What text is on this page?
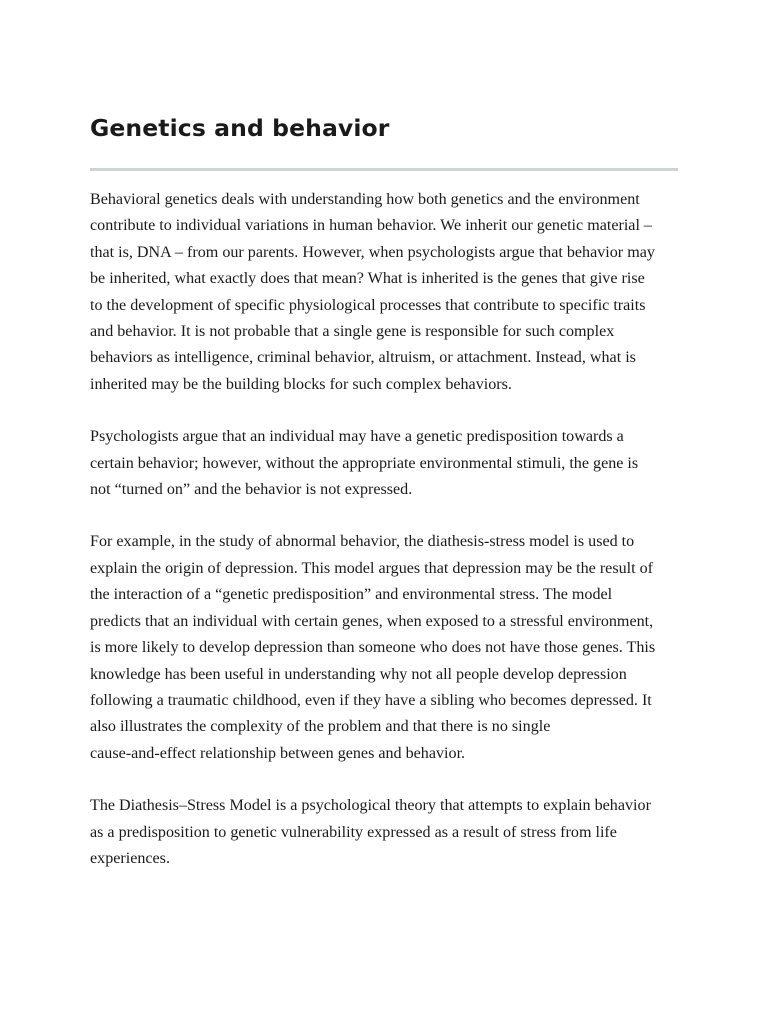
Genetics and behavior

Behavioral genetics deals with understanding how both genetics and the environment
contribute to individual variations in human behavior. We inherit our genetic material –
that is, DNA – from our parents. However, when psychologists argue that behavior may
be inherited, what exactly does that mean? What is inherited is the genes that give rise
to the development of specific physiological processes that contribute to specific traits
and behavior. It is not probable that a single gene is responsible for such complex
behaviors as intelligence, criminal behavior, altruism, or attachment. Instead, what is
inherited may be the building blocks for such complex behaviors.

Psychologists argue that an individual may have a genetic predisposition towards a
certain behavior; however, without the appropriate environmental stimuli, the gene is
not “turned on” and the behavior is not expressed.

For example, in the study of abnormal behavior, the diathesis-stress model is used to
explain the origin of depression. This model argues that depression may be the result of
the interaction of a “genetic predisposition” and environmental stress. The model
predicts that an individual with certain genes, when exposed to a stressful environment,
is more likely to develop depression than someone who does not have those genes. This
knowledge has been useful in understanding why not all people develop depression
following a traumatic childhood, even if they have a sibling who becomes depressed. It
also illustrates the complexity of the problem and that there is no single
cause-and-effect relationship between genes and behavior.

The Diathesis–Stress Model is a psychological theory that attempts to explain behavior
as a predisposition to genetic vulnerability expressed as a result of stress from life
experiences.
